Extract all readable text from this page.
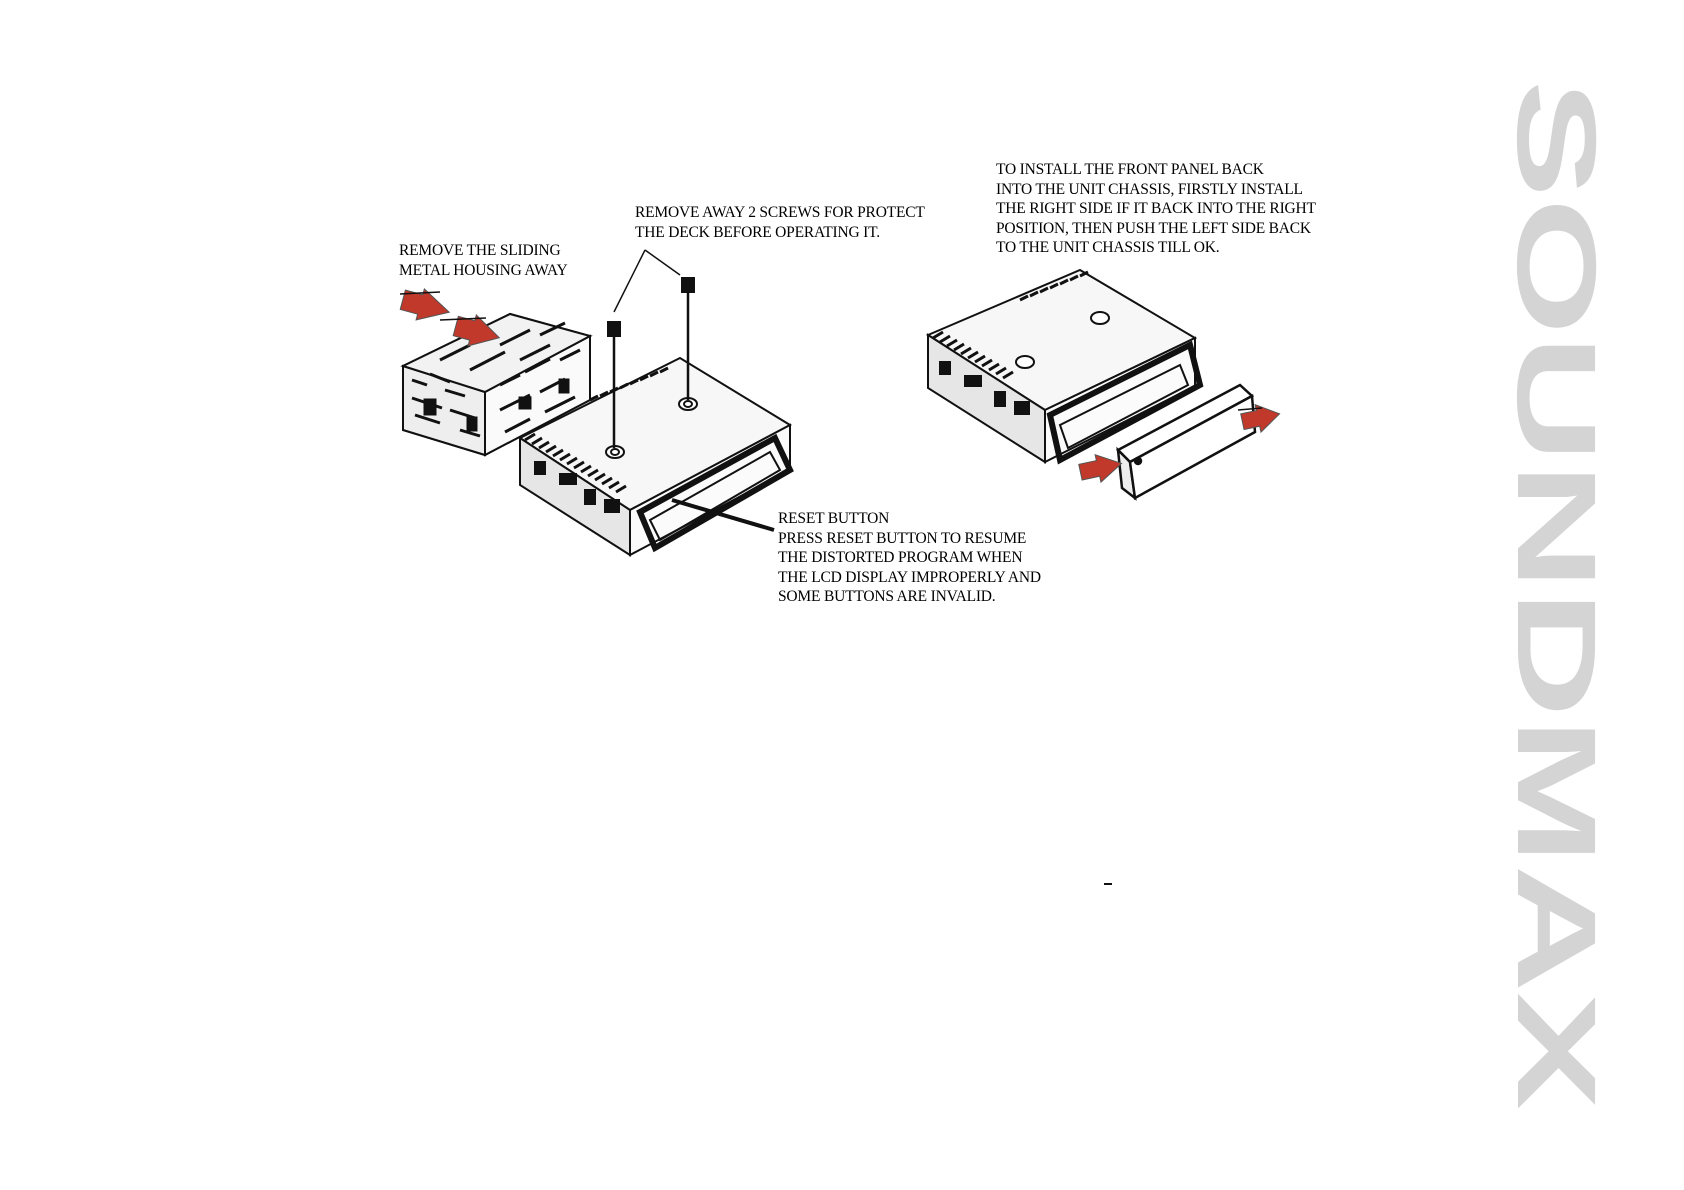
REMOVE THE SLIDING
METAL HOUSING AWAY
REMOVE AWAY 2 SCREWS FOR PROTECT
THE DECK BEFORE OPERATING IT.
RESET BUTTON
PRESS RESET BUTTON TO RESUME
THE DISTORTED PROGRAM WHEN
THE LCD DISPLAY IMPROPERLY AND
SOME BUTTONS ARE INVALID.
TO INSTALL THE FRONT PANEL BACK
INTO THE UNIT CHASSIS, FIRSTLY INSTALL
THE RIGHT SIDE IF IT BACK INTO THE RIGHT
POSITION, THEN PUSH THE LEFT SIDE BACK
TO THE UNIT CHASSIS TILL OK.	SOUNDMAX
